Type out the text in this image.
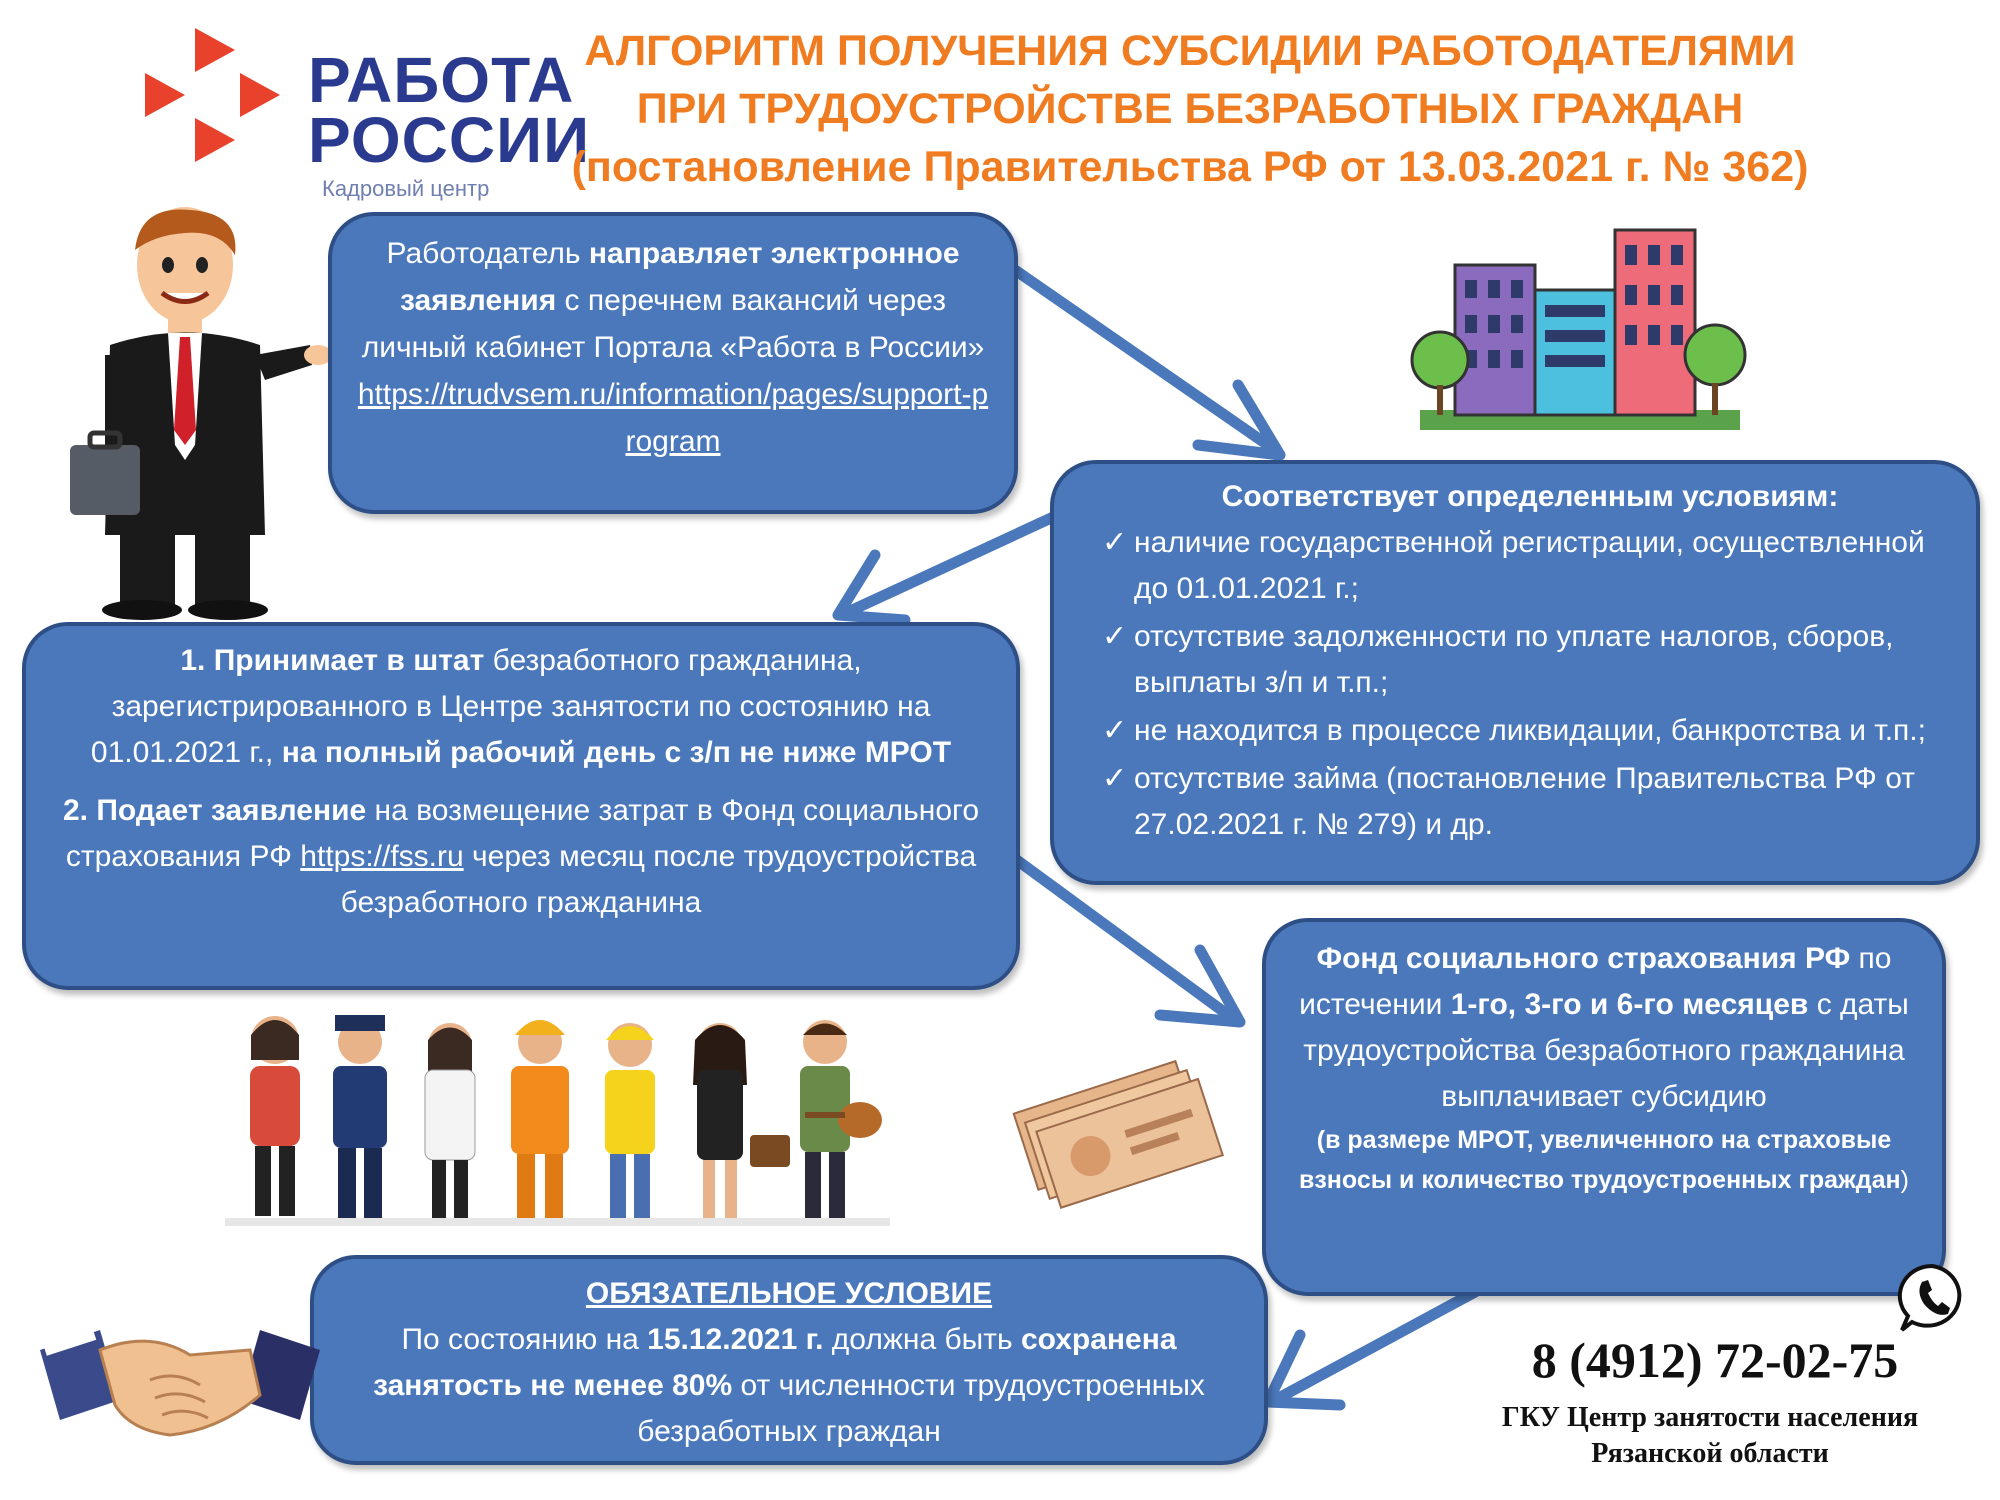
РАБОТА
РОССИИ
Кадровый центр
АЛГОРИТМ ПОЛУЧЕНИЯ СУБСИДИИ РАБОТОДАТЕЛЯМИ
ПРИ ТРУДОУСТРОЙСТВЕ БЕЗРАБОТНЫХ ГРАЖДАН
(постановление Правительства РФ от 13.03.2021 г. № 362)
Работодатель направляет электронное заявления с перечнем вакансий через личный кабинет Портала «Работа в России»
https://trudvsem.ru/information/pages/support-program
Соответствует определенным условиям:
✓ наличие государственной регистрации, осуществленной до 01.01.2021 г.;
✓ отсутствие задолженности по уплате налогов, сборов, выплаты з/п и т.п.;
✓ не находится в процессе ликвидации, банкротства и т.п.;
✓ отсутствие займа (постановление Правительства РФ от 27.02.2021 г. № 279) и др.
1. Принимает в штат безработного гражданина, зарегистрированного в Центре занятости по состоянию на 01.01.2021 г., на полный рабочий день с з/п не ниже МРОТ
2. Подает заявление на возмещение затрат в Фонд социального страхования РФ https://fss.ru через месяц после трудоустройства безработного гражданина
Фонд социального страхования РФ по истечении 1-го, 3-го и 6-го месяцев с даты трудоустройства безработного гражданина выплачивает субсидию
(в размере МРОТ, увеличенного на страховые взносы и количество трудоустроенных граждан)
ОБЯЗАТЕЛЬНОЕ УСЛОВИЕ
По состоянию на 15.12.2021 г. должна быть сохранена занятость не менее 80% от численности трудоустроенных безработных граждан
8 (4912) 72-02-75
ГКУ Центр занятости населения
Рязанской области
